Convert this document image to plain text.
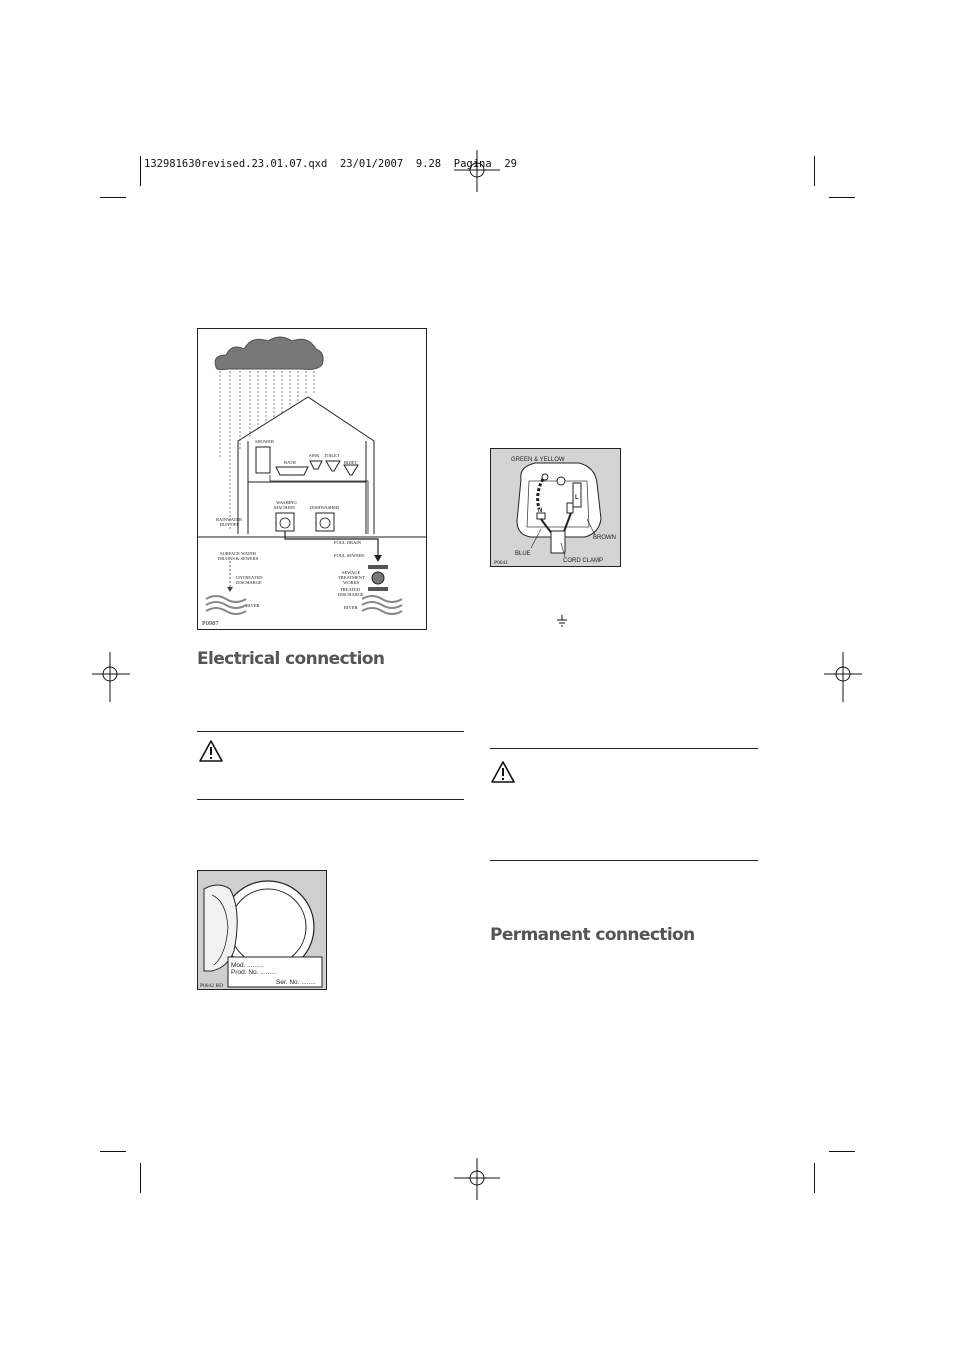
132981630revised.23.01.07.qxd  23/01/2007  9.28  Pagina  29
SHOWER
BATH
SINK TOILET
BIDET
WASHING
MACHINE	DISHWASHER
RAINWATER
RUN OFF
FOUL DRAIN
SURFACE WATER
DRAINS & SEWERS
FOUL SEWERS
UNTREATED
DISCHARGE
SEWAGE
TREATMENT
WORKS
TREATED
DISCHARGE
RIVER	RIVER
P0987
Electrical connection
GREEN & YELLOW
BROWN
BLUE
CORD CLAMP
N
L
P0041
Permanent connection
Mod. .........
Prod. No. .........
Ser. No. ........
P0042 BD
